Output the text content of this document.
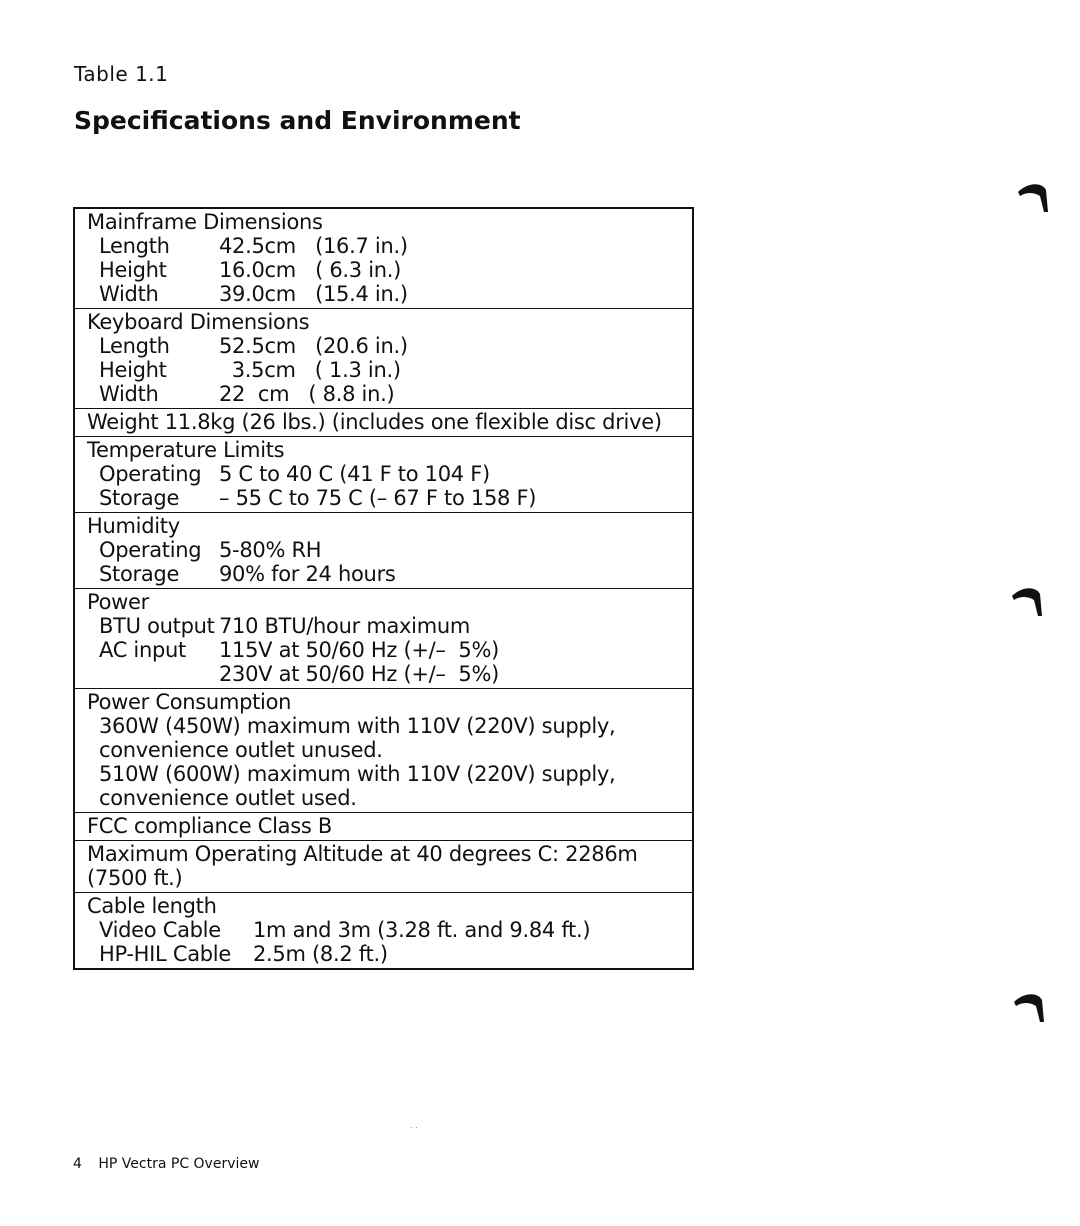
Table 1.1
Specifications and Environment
Mainframe Dimensions
Length	42.5cm   (16.7 in.)
Height	16.0cm   ( 6.3 in.)
Width	39.0cm   (15.4 in.)
Keyboard Dimensions
Length	52.5cm   (20.6 in.)
Height	3.5cm   ( 1.3 in.)
Width	22  cm   ( 8.8 in.)
Weight 11.8kg (26 lbs.) (includes one flexible disc drive)
Temperature Limits
Operating 5 C to 40 C (41 F to 104 F)
Storage	– 55 C to 75 C (– 67 F to 158 F)
Humidity
Operating 5-80% RH
Storage	90% for 24 hours
Power
BTU output 710 BTU/hour maximum
AC input	115V at 50/60 Hz (+/–  5%)
230V at 50/60 Hz (+/–  5%)
Power Consumption
360W (450W) maximum with 110V (220V) supply,
convenience outlet unused.
510W (600W) maximum with 110V (220V) supply,
convenience outlet used.
FCC compliance Class B
Maximum Operating Altitude at 40 degrees C: 2286m
(7500 ft.)
Cable length
Video Cable	1m and 3m (3.28 ft. and 9.84 ft.)
HP-HIL Cable	2.5m (8.2 ft.)
. .
4 HP Vectra PC Overview
